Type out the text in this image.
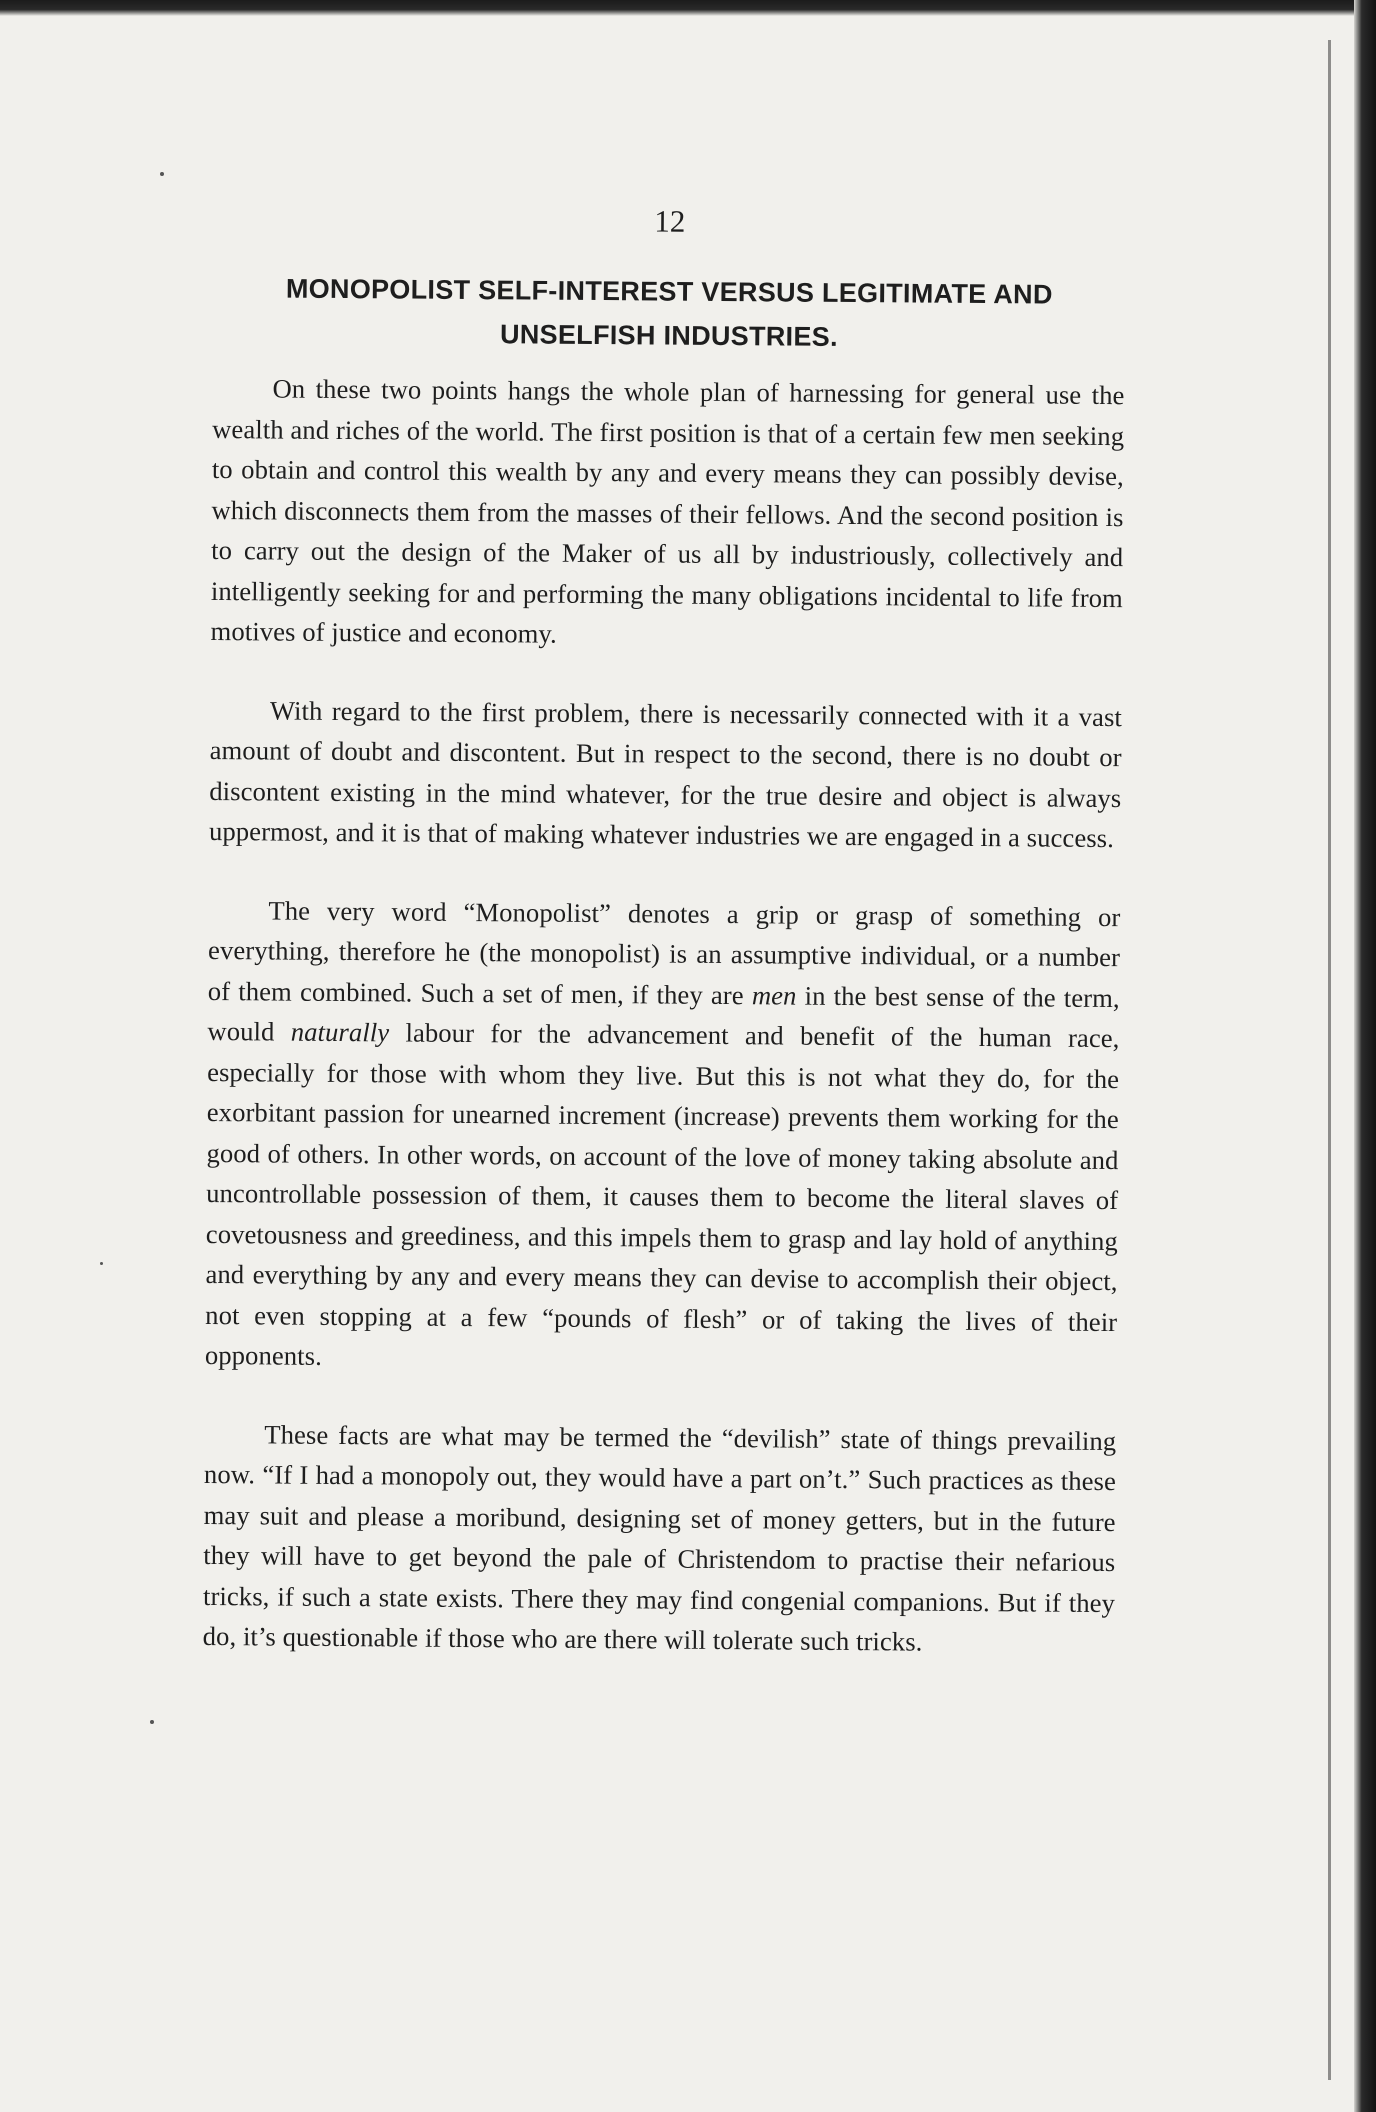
12
MONOPOLIST SELF-INTEREST VERSUS LEGITIMATE AND
UNSELFISH INDUSTRIES.

On these two points hangs the whole plan of harnessing for general use the wealth and riches of the world. The first position is that of a certain few men seeking to obtain and control this wealth by any and every means they can possibly devise, which disconnects them from the masses of their fellows. And the second position is to carry out the design of the Maker of us all by industriously, collectively and intelligently seeking for and performing the many obligations incidental to life from motives of justice and economy.

With regard to the first problem, there is necessarily connected with it a vast amount of doubt and discontent. But in respect to the second, there is no doubt or discontent existing in the mind whatever, for the true desire and object is always uppermost, and it is that of making whatever industries we are engaged in a success.

The very word “Monopolist” denotes a grip or grasp of something or everything, therefore he (the monopolist) is an assumptive individual, or a number of them combined. Such a set of men, if they are men in the best sense of the term, would naturally labour for the advancement and benefit of the human race, especially for those with whom they live. But this is not what they do, for the exorbitant passion for unearned increment (increase) prevents them working for the good of others. In other words, on account of the love of money taking absolute and uncontrollable possession of them, it causes them to become the literal slaves of covetousness and greediness, and this impels them to grasp and lay hold of anything and everything by any and every means they can devise to accomplish their object, not even stopping at a few “pounds of flesh” or of taking the lives of their opponents.

These facts are what may be termed the “devilish” state of things prevailing now. “If I had a monopoly out, they would have a part on’t.” Such practices as these may suit and please a moribund, designing set of money getters, but in the future they will have to get beyond the pale of Christendom to practise their nefarious tricks, if such a state exists. There they may find congenial companions. But if they do, it’s questionable if those who are there will tolerate such tricks.
